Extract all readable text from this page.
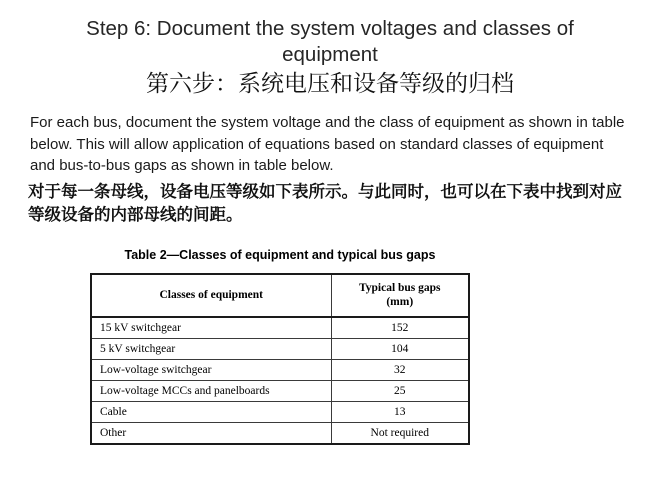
Step 6: Document the system voltages and classes of equipment
第六步：系统电压和设备等级的归档

For each bus, document the system voltage and the class of equipment as shown in table below. This will allow application of equations based on standard classes of equipment and bus-to-bus gaps as shown in table below.

对于每一条母线，设备电压等级如下表所示。与此同时，也可以在下表中找到对应等级设备的内部母线的间距。

Table 2—Classes of equipment and typical bus gaps
Classes of equipment	Typical bus gaps
(mm)

15 kV switchgear	152
5 kV switchgear	104
Low-voltage switchgear	32
Low-voltage MCCs and panelboards	25
Cable	13
Other	Not required
